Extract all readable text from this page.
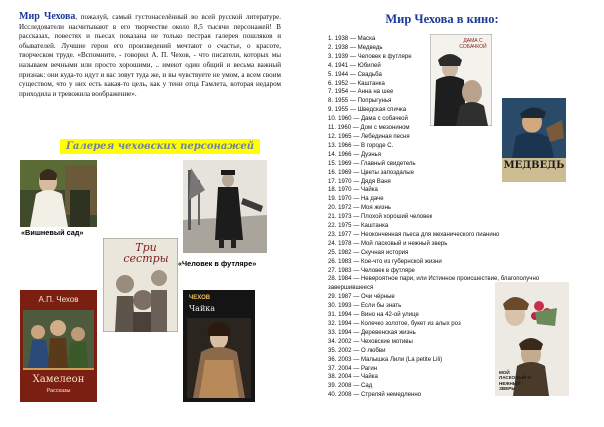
Мир Чехова, пожалуй, самый густонаселённый во всей русской литературе. Исследователи насчитывают в его творчестве около 8,5 тысячи персонажей! В рассказах, повестях и пьесах показана не только пестрая галерея пошляков и обывателей. Лучшие герои его произведений мечтают о счастье, о красоте, творческом труде. «Вспомните, - говорил А. П. Чехов, - что писатели, которых мы называем вечными или просто хорошими, .. имеют один общий и весьма важный признак: они куда-то идут и вас зовут туда же, и вы чувствуете не умом, а всем своим существом, что у них есть какая-то цель, как у тени отца Гамлета, которая недаром приходила и тревожила воображение».
Галерея чеховских персонажей
«Вишневый сад»
Три сестры	«Человек в футляре»
А.П. Чехов
Хамелеон
Рассказы
ЧЕХОВ
Чайка
Мир Чехова в кино:
1. 1938 — Маска
2. 1938 — Медведь
3. 1939 — Человек в футляре
4. 1941 — Юбилей
5. 1944 — Свадьба
6. 1952 — Каштанка
7. 1954 — Анна на шее
8. 1955 — Попрыгунья
9. 1955 — Шведская спичка
10. 1960 — Дама с собачкой
11. 1960 — Дом с мезонином
12. 1965 — Лебединая песня
13. 1966 — В городе С.
14. 1966 — Дуэнья
15. 1969 — Главный свидетель
16. 1969 — Цветы запоздалые
17. 1970 — Дядя Ваня
18. 1970 — Чайка
19. 1970 — На даче
20. 1972 — Моя жизнь
21. 1973 — Плохой хороший человек
22. 1975 — Каштанка
23. 1977 — Неоконченная пьеса для механического пианино
24. 1978 — Мой ласковый и нежный зверь
25. 1982 — Скучная история
26. 1983 — Кое-что из губернской жизни
27. 1983 — Человек в футляре
28. 1984 — Невероятное пари, или Истинное происшествие, благополучно завершившееся
29. 1987 — Очи чёрные
30. 1993 — Если бы знать
31. 1994 — Вино на 42-ой улице
32. 1994 — Колечко золотое, букет из алых роз
33. 1994 — Деревенская жизнь
34. 2002 — Чеховские мотивы
35. 2002 — О любви
36. 2003 — Малышка Лили (La petite Lili)
37. 2004 — Рагин
38. 2004 — Чайка
39. 2008 — Сад
40. 2008 — Стреляй немедленно
ДАМА С СОБАЧКОЙ
МЕДВЕДЬ
МОЙ ЛАСКОВЫЙ И НЕЖНЫЙ ЗВЕРЬ
